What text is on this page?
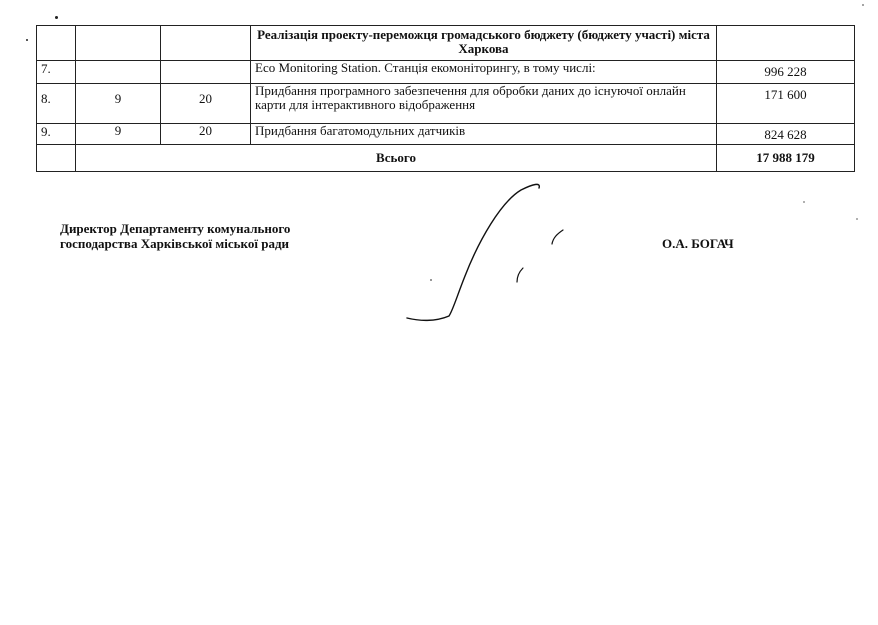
			Реалізація проекту-переможця громадського бюджету (бюджету участі) міста Харкова	
7.			Eco Monitoring Station. Станція екомоніторингу, в тому числі:	996 228
8.	9	20	Придбання програмного забезпечення для обробки даних до існуючої онлайн карти для інтерактивного відображення	171 600
9.	9	20	Придбання багатомодульних датчиків	824 628
	Всього			17 988 179
Директор Департаменту комунального
господарства Харківської міської ради	О.А. БОГАЧ
